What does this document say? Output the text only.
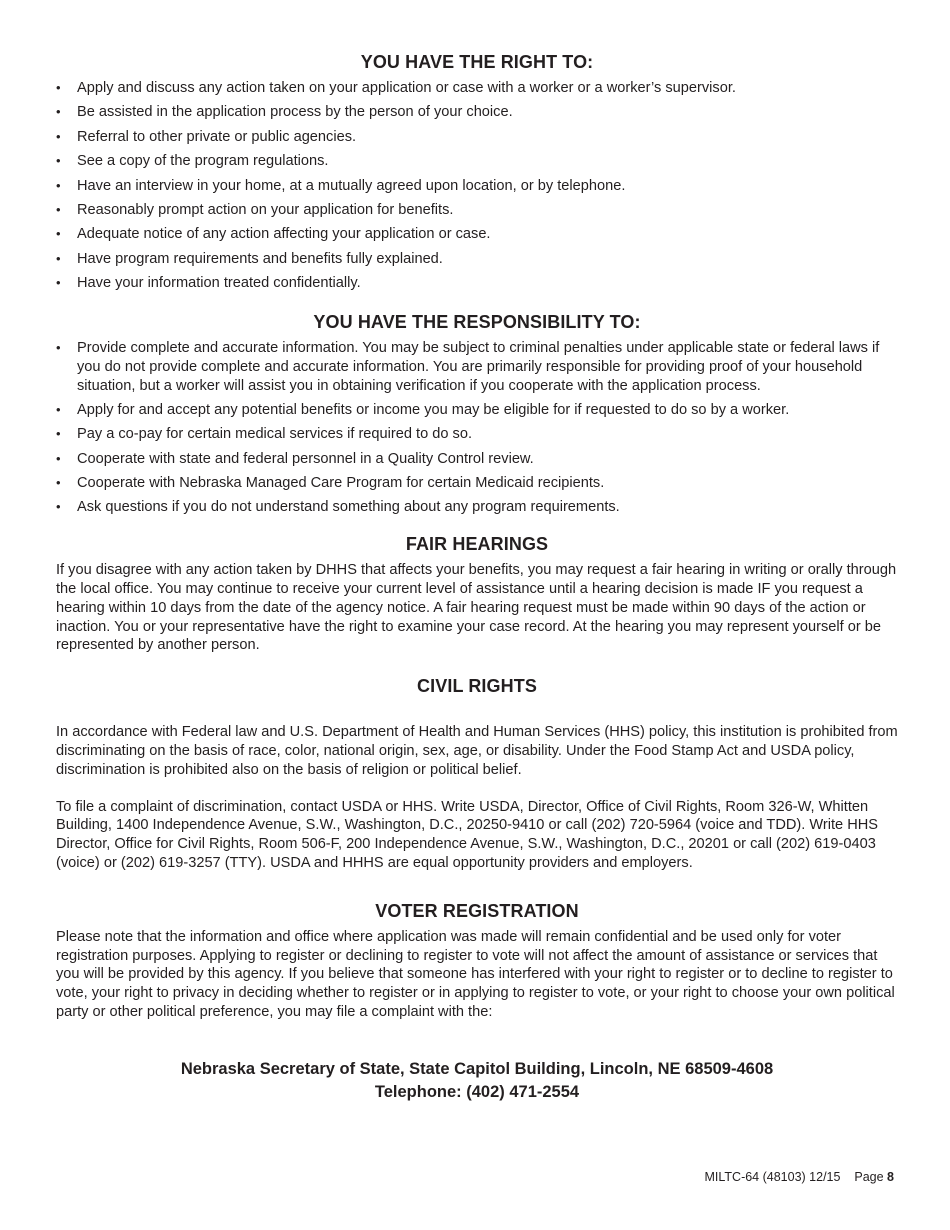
YOU HAVE THE RIGHT TO:
• Apply and discuss any action taken on your application or case with a worker or a worker’s supervisor.
• Be assisted in the application process by the person of your choice.
• Referral to other private or public agencies.
• See a copy of the program regulations.
• Have an interview in your home, at a mutually agreed upon location, or by telephone.
• Reasonably prompt action on your application for benefits.
• Adequate notice of any action affecting your application or case.
• Have program requirements and benefits fully explained.
• Have your information treated confidentially.
YOU HAVE THE RESPONSIBILITY TO:
• Provide complete and accurate information. You may be subject to criminal penalties under applicable state or federal laws if you do not provide complete and accurate information. You are primarily responsible for providing proof of your household situation, but a worker will assist you in obtaining verification if you cooperate with the application process.
• Apply for and accept any potential benefits or income you may be eligible for if requested to do so by a worker.
• Pay a co-pay for certain medical services if required to do so.
• Cooperate with state and federal personnel in a Quality Control review.
• Cooperate with Nebraska Managed Care Program for certain Medicaid recipients.
• Ask questions if you do not understand something about any program requirements.
FAIR HEARINGS

If you disagree with any action taken by DHHS that affects your benefits, you may request a fair hearing in writing or orally through the local office. You may continue to receive your current level of assistance until a hearing decision is made IF you request a hearing within 10 days from the date of the agency notice. A fair hearing request must be made within 90 days of the action or inaction. You or your representative have the right to examine your case record. At the hearing you may represent yourself or be represented by another person.

CIVIL RIGHTS

In accordance with Federal law and U.S. Department of Health and Human Services (HHS) policy, this institution is prohibited from discriminating on the basis of race, color, national origin, sex, age, or disability. Under the Food Stamp Act and USDA policy, discrimination is prohibited also on the basis of religion or political belief.

To file a complaint of discrimination, contact USDA or HHS. Write USDA, Director, Office of Civil Rights, Room 326-W, Whitten Building, 1400 Independence Avenue, S.W., Washington, D.C., 20250-9410 or call (202) 720-5964 (voice and TDD). Write HHS Director, Office for Civil Rights, Room 506-F, 200 Independence Avenue, S.W., Washington, D.C., 20201 or call (202) 619-0403 (voice) or (202) 619-3257 (TTY). USDA and HHHS are equal opportunity providers and employers.

VOTER REGISTRATION

Please note that the information and office where application was made will remain confidential and be used only for voter registration purposes. Applying to register or declining to register to vote will not affect the amount of assistance or services that you will be provided by this agency. If you believe that someone has interfered with your right to register or to decline to register to vote, your right to privacy in deciding whether to register or in applying to register to vote, or your right to choose your own political party or other political preference, you may file a complaint with the:

Nebraska Secretary of State, State Capitol Building, Lincoln, NE 68509-4608
Telephone: (402) 471-2554
MILTC-64 (48103) 12/15 Page 8
